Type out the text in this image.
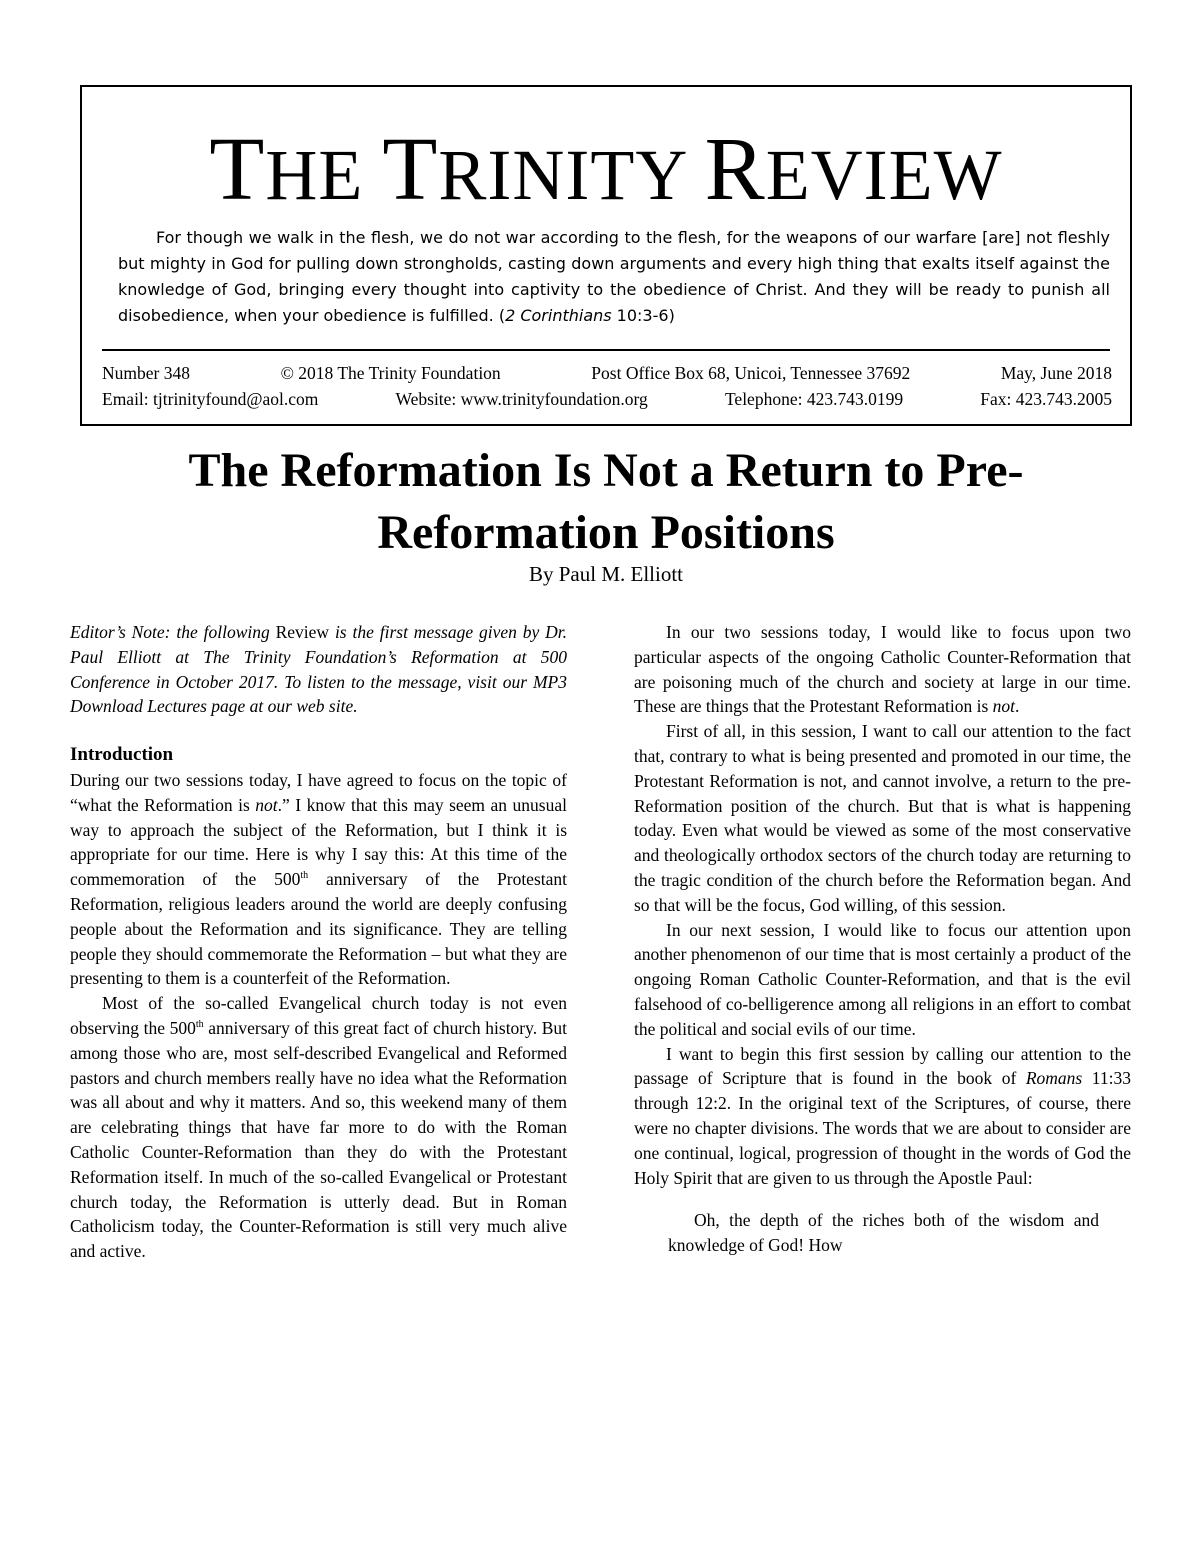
THE TRINITY REVIEW
For though we walk in the flesh, we do not war according to the flesh, for the weapons of our warfare [are] not fleshly but mighty in God for pulling down strongholds, casting down arguments and every high thing that exalts itself against the knowledge of God, bringing every thought into captivity to the obedience of Christ. And they will be ready to punish all disobedience, when your obedience is fulfilled. (2 Corinthians 10:3-6)
Number 348	© 2018 The Trinity Foundation	Post Office Box 68, Unicoi, Tennessee 37692	May, June 2018
Email: tjtrinityfound@aol.com	Website: www.trinityfoundation.org	Telephone: 423.743.0199	Fax: 423.743.2005
The Reformation Is Not a Return to Pre-
Reformation Positions
By Paul M. Elliott

Editor’s Note: the following Review is the first message given by Dr. Paul Elliott at The Trinity Foundation’s Reformation at 500 Conference in October 2017. To listen to the message, visit our MP3 Download Lectures page at our web site.

Introduction

During our two sessions today, I have agreed to focus on the topic of “what the Reformation is not.” I know that this may seem an unusual way to approach the subject of the Reformation, but I think it is appropriate for our time. Here is why I say this: At this time of the commemoration of the 500th anniversary of the Protestant Reformation, religious leaders around the world are deeply confusing people about the Reformation and its significance. They are telling people they should commemorate the Reformation – but what they are presenting to them is a counterfeit of the Reformation.

Most of the so-called Evangelical church today is not even observing the 500th anniversary of this great fact of church history. But among those who are, most self-described Evangelical and Reformed pastors and church members really have no idea what the Reformation was all about and why it matters. And so, this weekend many of them are celebrating things that have far more to do with the Roman Catholic Counter-Reformation than they do with the Protestant Reformation itself. In much of the so-called Evangelical or Protestant church today, the Reformation is utterly dead. But in Roman Catholicism today, the Counter-Reformation is still very much alive and active.

In our two sessions today, I would like to focus upon two particular aspects of the ongoing Catholic Counter-Reformation that are poisoning much of the church and society at large in our time. These are things that the Protestant Reformation is not.

First of all, in this session, I want to call our attention to the fact that, contrary to what is being presented and promoted in our time, the Protestant Reformation is not, and cannot involve, a return to the pre-Reformation position of the church. But that is what is happening today. Even what would be viewed as some of the most conservative and theologically orthodox sectors of the church today are returning to the tragic condition of the church before the Reformation began. And so that will be the focus, God willing, of this session.

In our next session, I would like to focus our attention upon another phenomenon of our time that is most certainly a product of the ongoing Roman Catholic Counter-Reformation, and that is the evil falsehood of co-belligerence among all religions in an effort to combat the political and social evils of our time.

I want to begin this first session by calling our attention to the passage of Scripture that is found in the book of Romans 11:33 through 12:2. In the original text of the Scriptures, of course, there were no chapter divisions. The words that we are about to consider are one continual, logical, progression of thought in the words of God the Holy Spirit that are given to us through the Apostle Paul:

Oh, the depth of the riches both of the wisdom and knowledge of God! How
